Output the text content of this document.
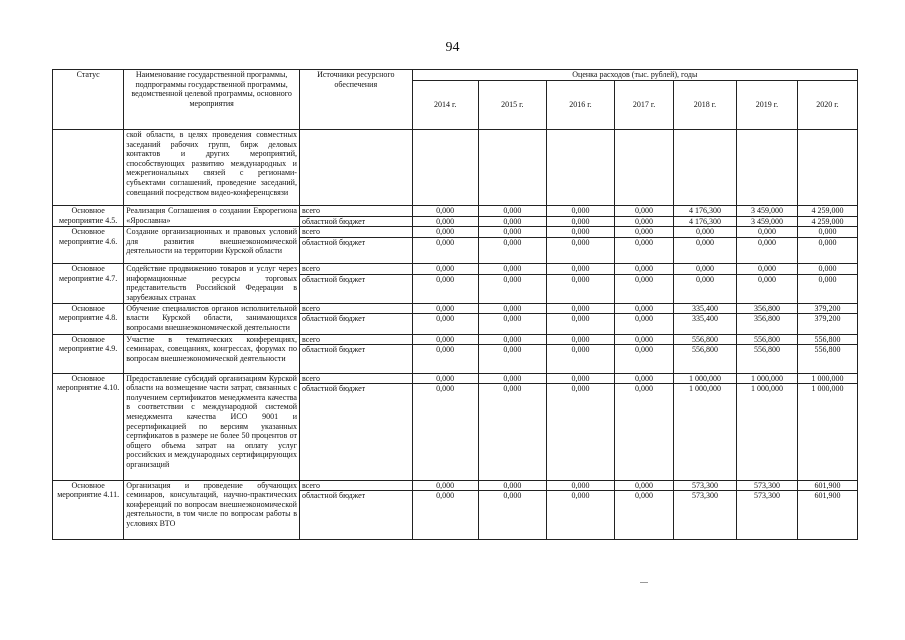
94
Статус	Наименование государственной программы, подпрограммы государственной программы, ведомственной целевой программы, основного мероприятия	Источники ресурсного обеспечения	Оценка расходов (тыс. рублей), годы						
			2014 г.	2015 г.	2016 г.	2017 г.	2018 г.	2019 г.	2020 г.
	ской области, в целях проведения совместных заседаний рабочих групп, бирж деловых контактов и других мероприятий, способствующих развитию международных и межрегиональных связей с регионами-субъектами соглашений, проведение заседаний, совещаний посредством видео-конференцсвязи								
Основное мероприятие 4.5.	Реализация Соглашения о создании Еврорегиона «Ярославна»	всего	0,000	0,000	0,000	0,000	4 176,300	3 459,000	4 259,000
		областной бюджет	0,000	0,000	0,000	0,000	4 176,300	3 459,000	4 259,000
Основное мероприятие 4.6.	Создание организационных и правовых условий для развития внешнеэкономической деятельности на территории Курской области	всего	0,000	0,000	0,000	0,000	0,000	0,000	0,000
		областной бюджет	0,000	0,000	0,000	0,000	0,000	0,000	0,000
Основное мероприятие 4.7.	Содействие продвижению товаров и услуг через информационные ресурсы торговых представительств Российской Федерации в зарубежных странах	всего	0,000	0,000	0,000	0,000	0,000	0,000	0,000
		областной бюджет	0,000	0,000	0,000	0,000	0,000	0,000	0,000
Основное мероприятие 4.8.	Обучение специалистов органов исполнительной власти Курской области, занимающихся вопросами внешнеэкономической деятельности	всего	0,000	0,000	0,000	0,000	335,400	356,800	379,200
		областной бюджет	0,000	0,000	0,000	0,000	335,400	356,800	379,200
Основное мероприятие 4.9.	Участие в тематических конференциях, семинарах, совещаниях, конгрессах, форумах по вопросам внешнеэкономической деятельности	всего	0,000	0,000	0,000	0,000	556,800	556,800	556,800
		областной бюджет	0,000	0,000	0,000	0,000	556,800	556,800	556,800
Основное мероприятие 4.10.	Предоставление субсидий организациям Курской области на возмещение части затрат, связанных с получением сертификатов менеджмента качества в соответствии с международной системой менеджмента качества ИСО 9001 и ресертификацией по версиям указанных сертификатов в размере не более 50 процентов от общего объема затрат на оплату услуг российских и международных сертифицирующих организаций	всего	0,000	0,000	0,000	0,000	1 000,000	1 000,000	1 000,000
		областной бюджет	0,000	0,000	0,000	0,000	1 000,000	1 000,000	1 000,000
Основное мероприятие 4.11.	Организация и проведение обучающих семинаров, консультаций, научно-практических конференций по вопросам внешнеэкономической деятельности, в том числе по вопросам работы в условиях ВТО	всего	0,000	0,000	0,000	0,000	573,300	573,300	601,900
		областной бюджет	0,000	0,000	0,000	0,000	573,300	573,300	601,900
